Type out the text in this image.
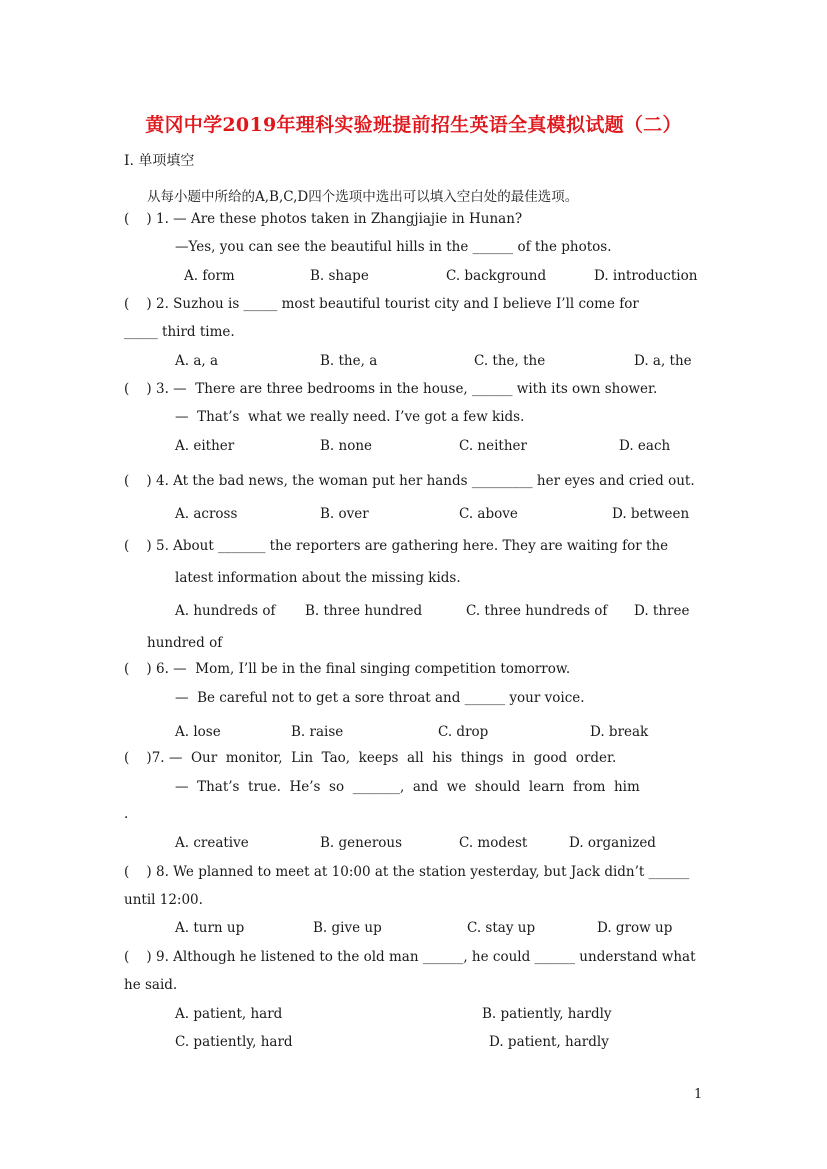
黄冈中学2019年理科实验班提前招生英语全真模拟试题（二）
I. 单项填空
从每小题中所给的A,B,C,D四个选项中选出可以填入空白处的最佳选项。
(    ) 1. — Are these photos taken in Zhangjiajie in Hunan?
—Yes, you can see the beautiful hills in the ______ of the photos.
A. form	B. shape	C. background	D. introduction
(    ) 2. Suzhou is _____ most beautiful tourist city and I believe I’ll come for
_____ third time.
A. a, a	B. the, a	C. the, the	D. a, the
(    ) 3. —  There are three bedrooms in the house, ______ with its own shower.
—  That’s  what we really need. I’ve got a few kids.
A. either	B. none	C. neither	D. each
(    ) 4. At the bad news, the woman put her hands _________ her eyes and cried out.
A. across	B. over	C. above	D. between
(    ) 5. About _______ the reporters are gathering here. They are waiting for the
latest information about the missing kids.
A. hundreds of B. three hundred	C. three hundreds of D. three
hundred of
(    ) 6. —  Mom, I’ll be in the final singing competition tomorrow.
—  Be careful not to get a sore throat and ______ your voice.
A. lose	B. raise	C. drop	D. break
(    )7. —  Our  monitor,  Lin  Tao,  keeps  all  his  things  in  good  order.
—  That’s  true.  He’s  so  _______,  and  we  should  learn  from  him
.
A. creative	B. generous	C. modest	D. organized
(    ) 8. We planned to meet at 10:00 at the station yesterday, but Jack didn’t ______
until 12:00.
A. turn up	B. give up	C. stay up	D. grow up
(    ) 9. Although he listened to the old man ______, he could ______ understand what
he said.
A. patient, hard	B. patiently, hardly
C. patiently, hard	D. patient, hardly
1
